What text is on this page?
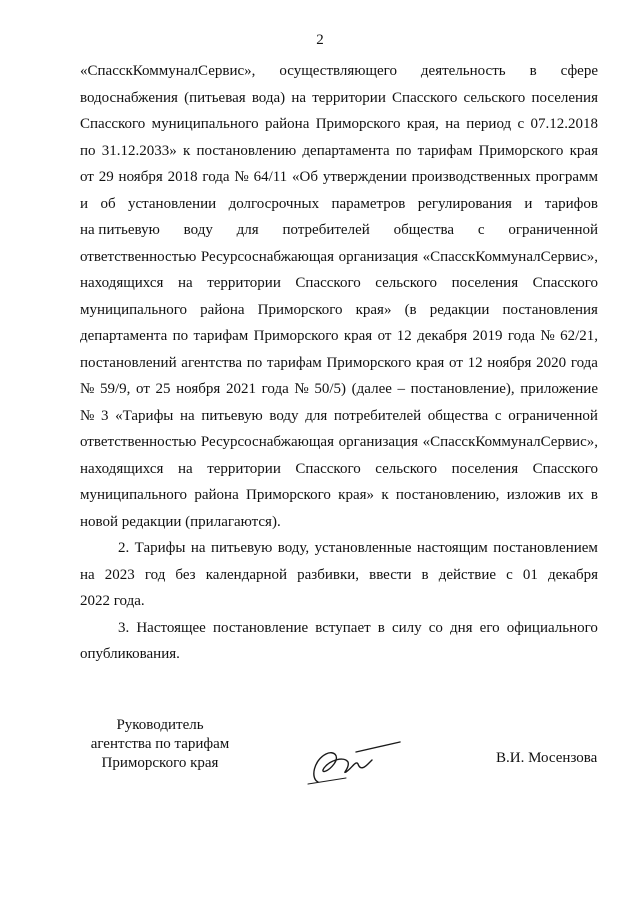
2
«СпасскКоммуналСервис», осуществляющего деятельность в сфере
водоснабжения (питьевая вода) на территории Спасского сельского поселения
Спасского муниципального района Приморского края, на период с 07.12.2018
по 31.12.2033» к постановлению департамента по тарифам Приморского края
от 29 ноября 2018 года № 64/11 «Об утверждении производственных программ
и об установлении долгосрочных параметров регулирования и тарифов
на питьевую воду для потребителей общества с ограниченной
ответственностью Ресурсоснабжающая организация «СпасскКоммуналСервис»,
находящихся на территории Спасского сельского поселения Спасского
муниципального района Приморского края» (в редакции постановления
департамента по тарифам Приморского края от 12 декабря 2019 года № 62/21,
постановлений агентства по тарифам Приморского края от 12 ноября 2020 года
№ 59/9, от 25 ноября 2021 года № 50/5) (далее – постановление), приложение
№ 3 «Тарифы на питьевую воду для потребителей общества с ограниченной
ответственностью Ресурсоснабжающая организация «СпасскКоммуналСервис»,
находящихся на территории Спасского сельского поселения Спасского
муниципального района Приморского края» к постановлению, изложив их в
новой редакции (прилагаются).
2. Тарифы на питьевую воду, установленные настоящим постановлением
на 2023 год без календарной разбивки, ввести в действие с 01 декабря
2022 года.
3. Настоящее постановление вступает в силу со дня его официального
опубликования.
Руководитель
агентства по тарифам
Приморского края	В.И. Мосензова
